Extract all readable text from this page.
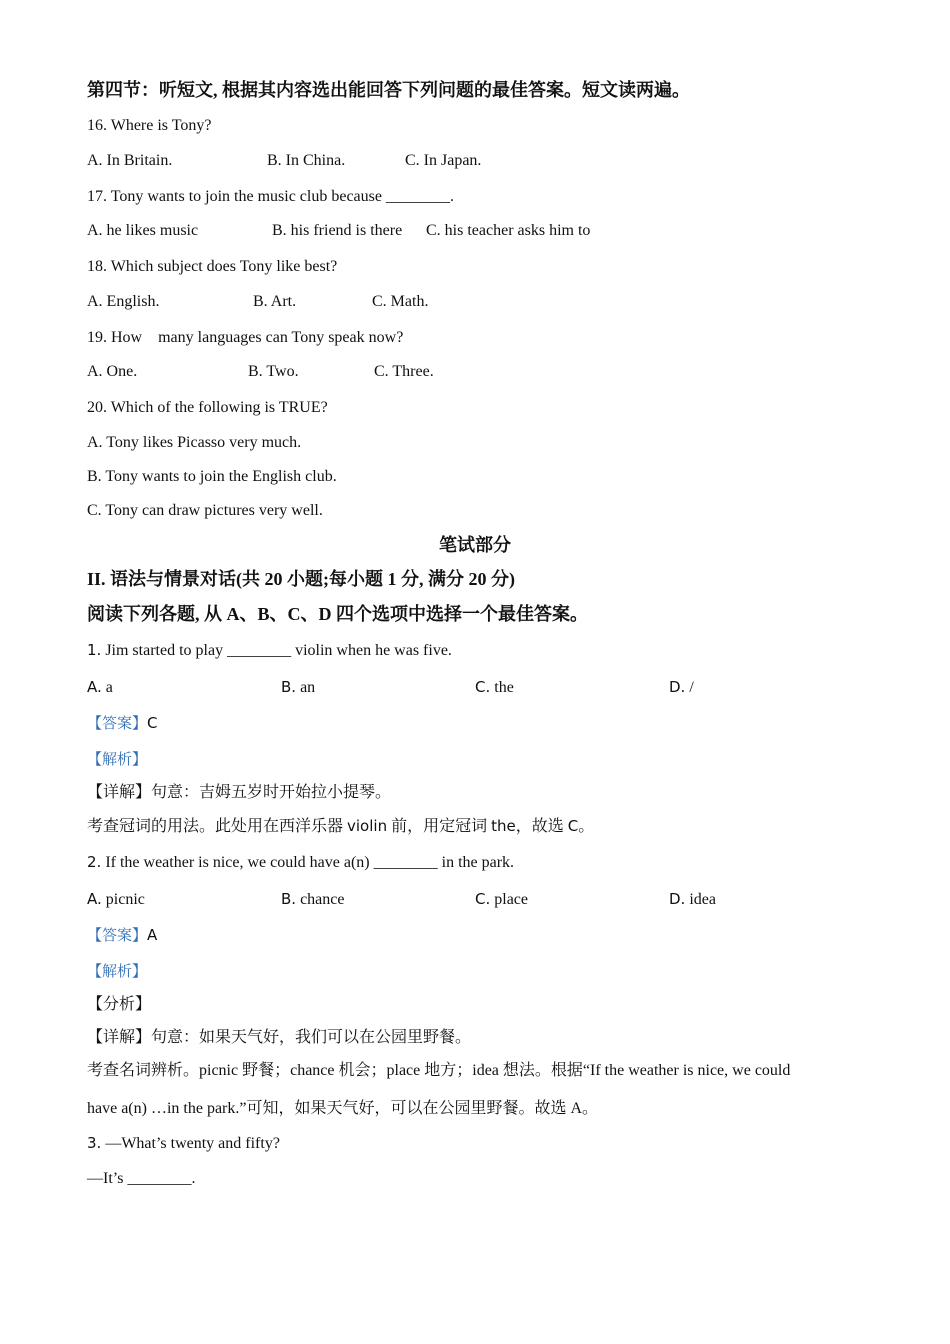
第四节：听短文, 根据其内容选出能回答下列问题的最佳答案。短文读两遍。
16. Where is Tony?
A. In Britain.	B. In China.	C. In Japan.
17. Tony wants to join the music club because ________.
A. he likes music	B. his friend is there C. his teacher asks him to
18. Which subject does Tony like best?
A. English.	B. Art.	C. Math.
19. How    many languages can Tony speak now?
A. One.	B. Two.	C. Three.
20. Which of the following is TRUE?
A. Tony likes Picasso very much.
B. Tony wants to join the English club.
C. Tony can draw pictures very well.
笔试部分
II. 语法与情景对话(共 20 小题;每小题 1 分, 满分 20 分)
阅读下列各题, 从 A、B、C、D 四个选项中选择一个最佳答案。
1. Jim started to play ________ violin when he was five.
A. a	B. an	C. the	D. /
【答案】C
【解析】
【详解】句意：吉姆五岁时开始拉小提琴。
考查冠词的用法。此处用在西洋乐器 violin 前，用定冠词 the，故选 C。
2. If the weather is nice, we could have a(n) ________ in the park.
A. picnic	B. chance	C. place	D. idea
【答案】A
【解析】
【分析】
【详解】句意：如果天气好，我们可以在公园里野餐。
考查名词辨析。picnic 野餐；chance 机会；place 地方；idea 想法。根据“If the weather is nice, we could
have a(n) …in the park.”可知，如果天气好，可以在公园里野餐。故选 A。
3. —What’s twenty and fifty?
—It’s ________.
